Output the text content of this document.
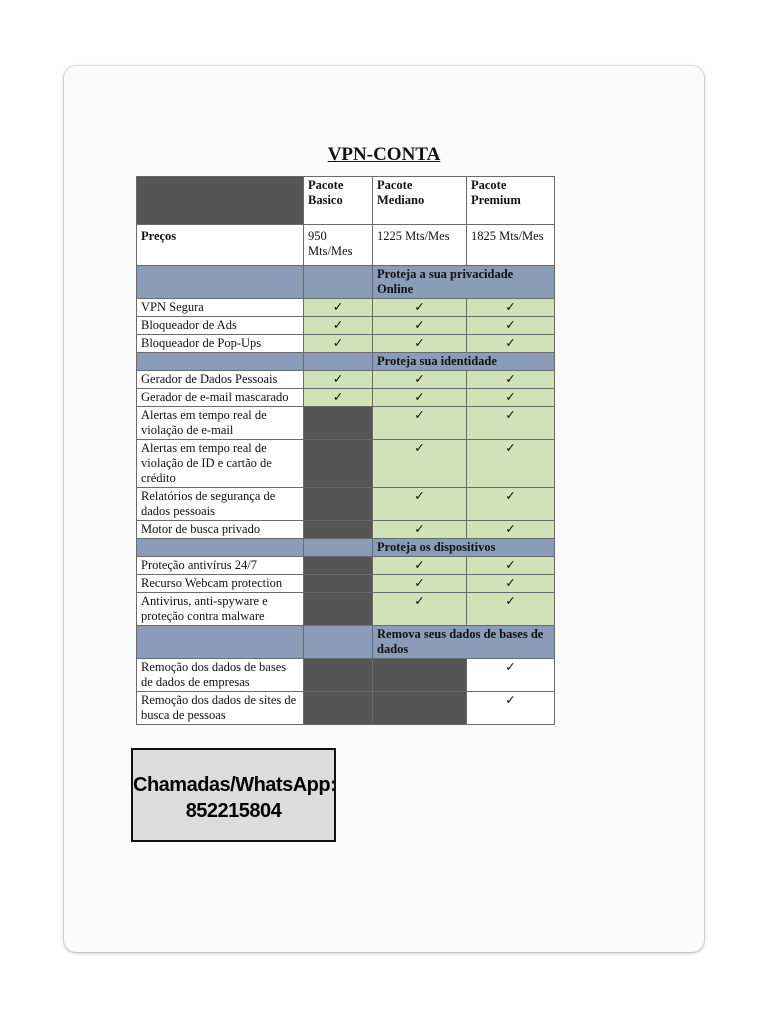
VPN-CONTA
	Pacote Basico	Pacote Mediano	Pacote Premium
Preços	950 Mts/Mes	1225 Mts/Mes	1825 Mts/Mes
		Proteja a sua privacidade Online	
VPN Segura	✓	✓	✓
Bloqueador de Ads	✓	✓	✓
Bloqueador de Pop-Ups	✓	✓	✓
		Proteja sua identidade	
Gerador de Dados Pessoais	✓	✓	✓
Gerador de e-mail mascarado	✓	✓	✓
Alertas em tempo real de violação de e-mail		✓	✓
Alertas em tempo real de violação de ID e cartão de crédito		✓	✓
Relatórios de segurança de dados pessoais		✓	✓
Motor de busca privado		✓	✓
		Proteja os dispositivos	
Proteção antivírus 24/7		✓	✓
Recurso Webcam protection		✓	✓
Antivirus, anti-spyware e proteção contra malware		✓	✓
		Remova seus dados de bases de dados	
Remoção dos dados de bases de dados de empresas			✓
Remoção dos dados de sites de busca de pessoas			✓
Chamadas/WhatsApp:
852215804
